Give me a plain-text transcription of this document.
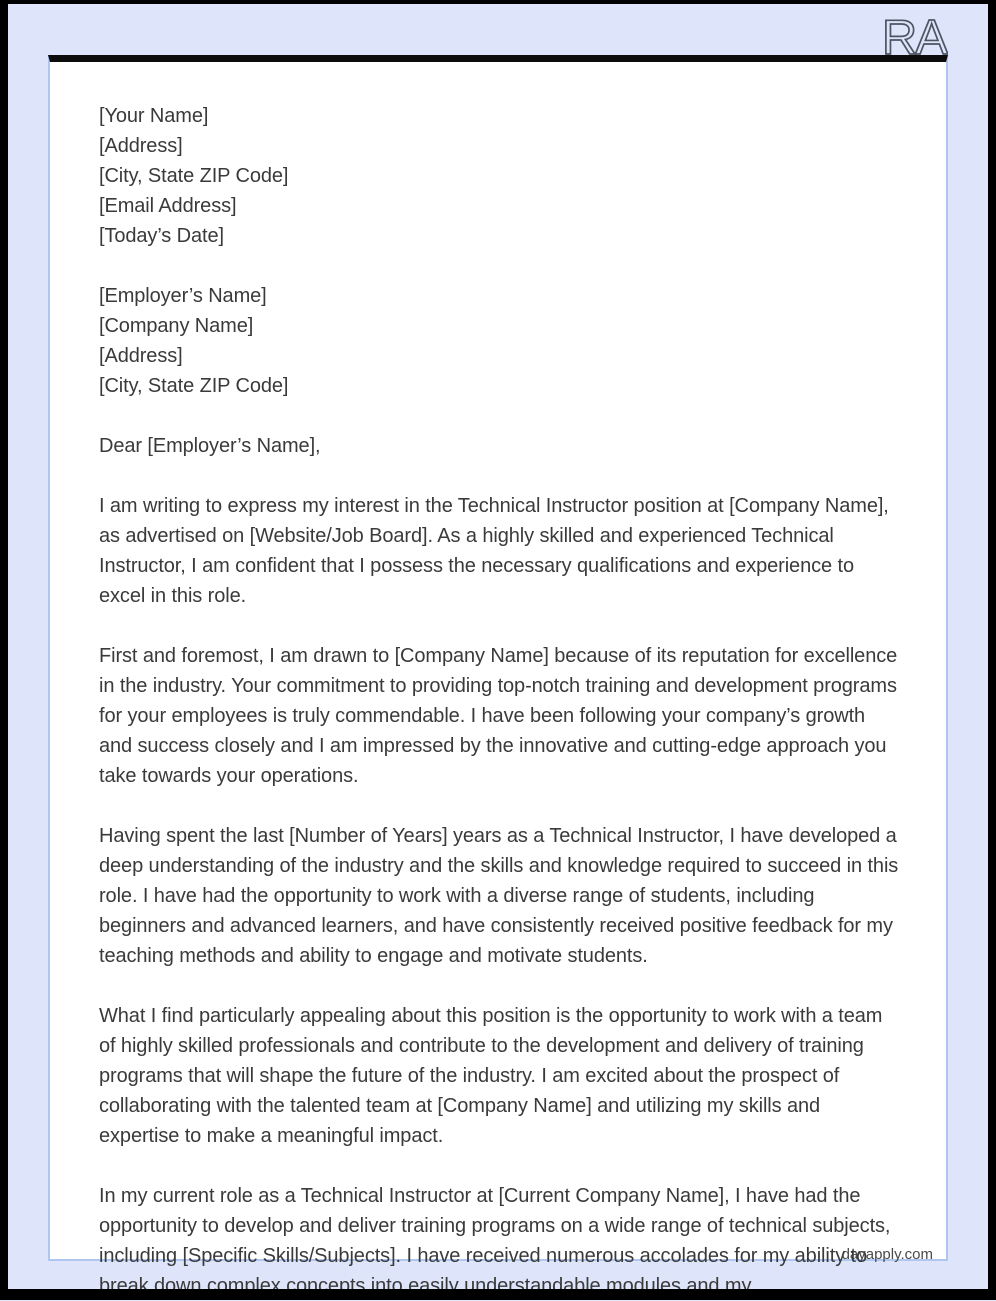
RA
dayapply.com

[Your Name]

[Address]

[City, State ZIP Code]

[Email Address]

[Today’s Date]

[Employer’s Name]

[Company Name]

[Address]

[City, State ZIP Code]

Dear [Employer’s Name],

I am writing to express my interest in the Technical Instructor position at [Company Name], as advertised on [Website/Job Board]. As a highly skilled and experienced Technical Instructor, I am confident that I possess the necessary qualifications and experience to excel in this role.

First and foremost, I am drawn to [Company Name] because of its reputation for excellence in the industry. Your commitment to providing top-notch training and development programs for your employees is truly commendable. I have been following your company’s growth and success closely and I am impressed by the innovative and cutting-edge approach you take towards your operations.

Having spent the last [Number of Years] years as a Technical Instructor, I have developed a deep understanding of the industry and the skills and knowledge required to succeed in this role. I have had the opportunity to work with a diverse range of students, including beginners and advanced learners, and have consistently received positive feedback for my teaching methods and ability to engage and motivate students.

What I find particularly appealing about this position is the opportunity to work with a team of highly skilled professionals and contribute to the development and delivery of training programs that will shape the future of the industry. I am excited about the prospect of collaborating with the talented team at [Company Name] and utilizing my skills and expertise to make a meaningful impact.

In my current role as a Technical Instructor at [Current Company Name], I have had the opportunity to develop and deliver training programs on a wide range of technical subjects, including [Specific Skills/Subjects]. I have received numerous accolades for my ability to break down complex concepts into easily understandable modules and my
